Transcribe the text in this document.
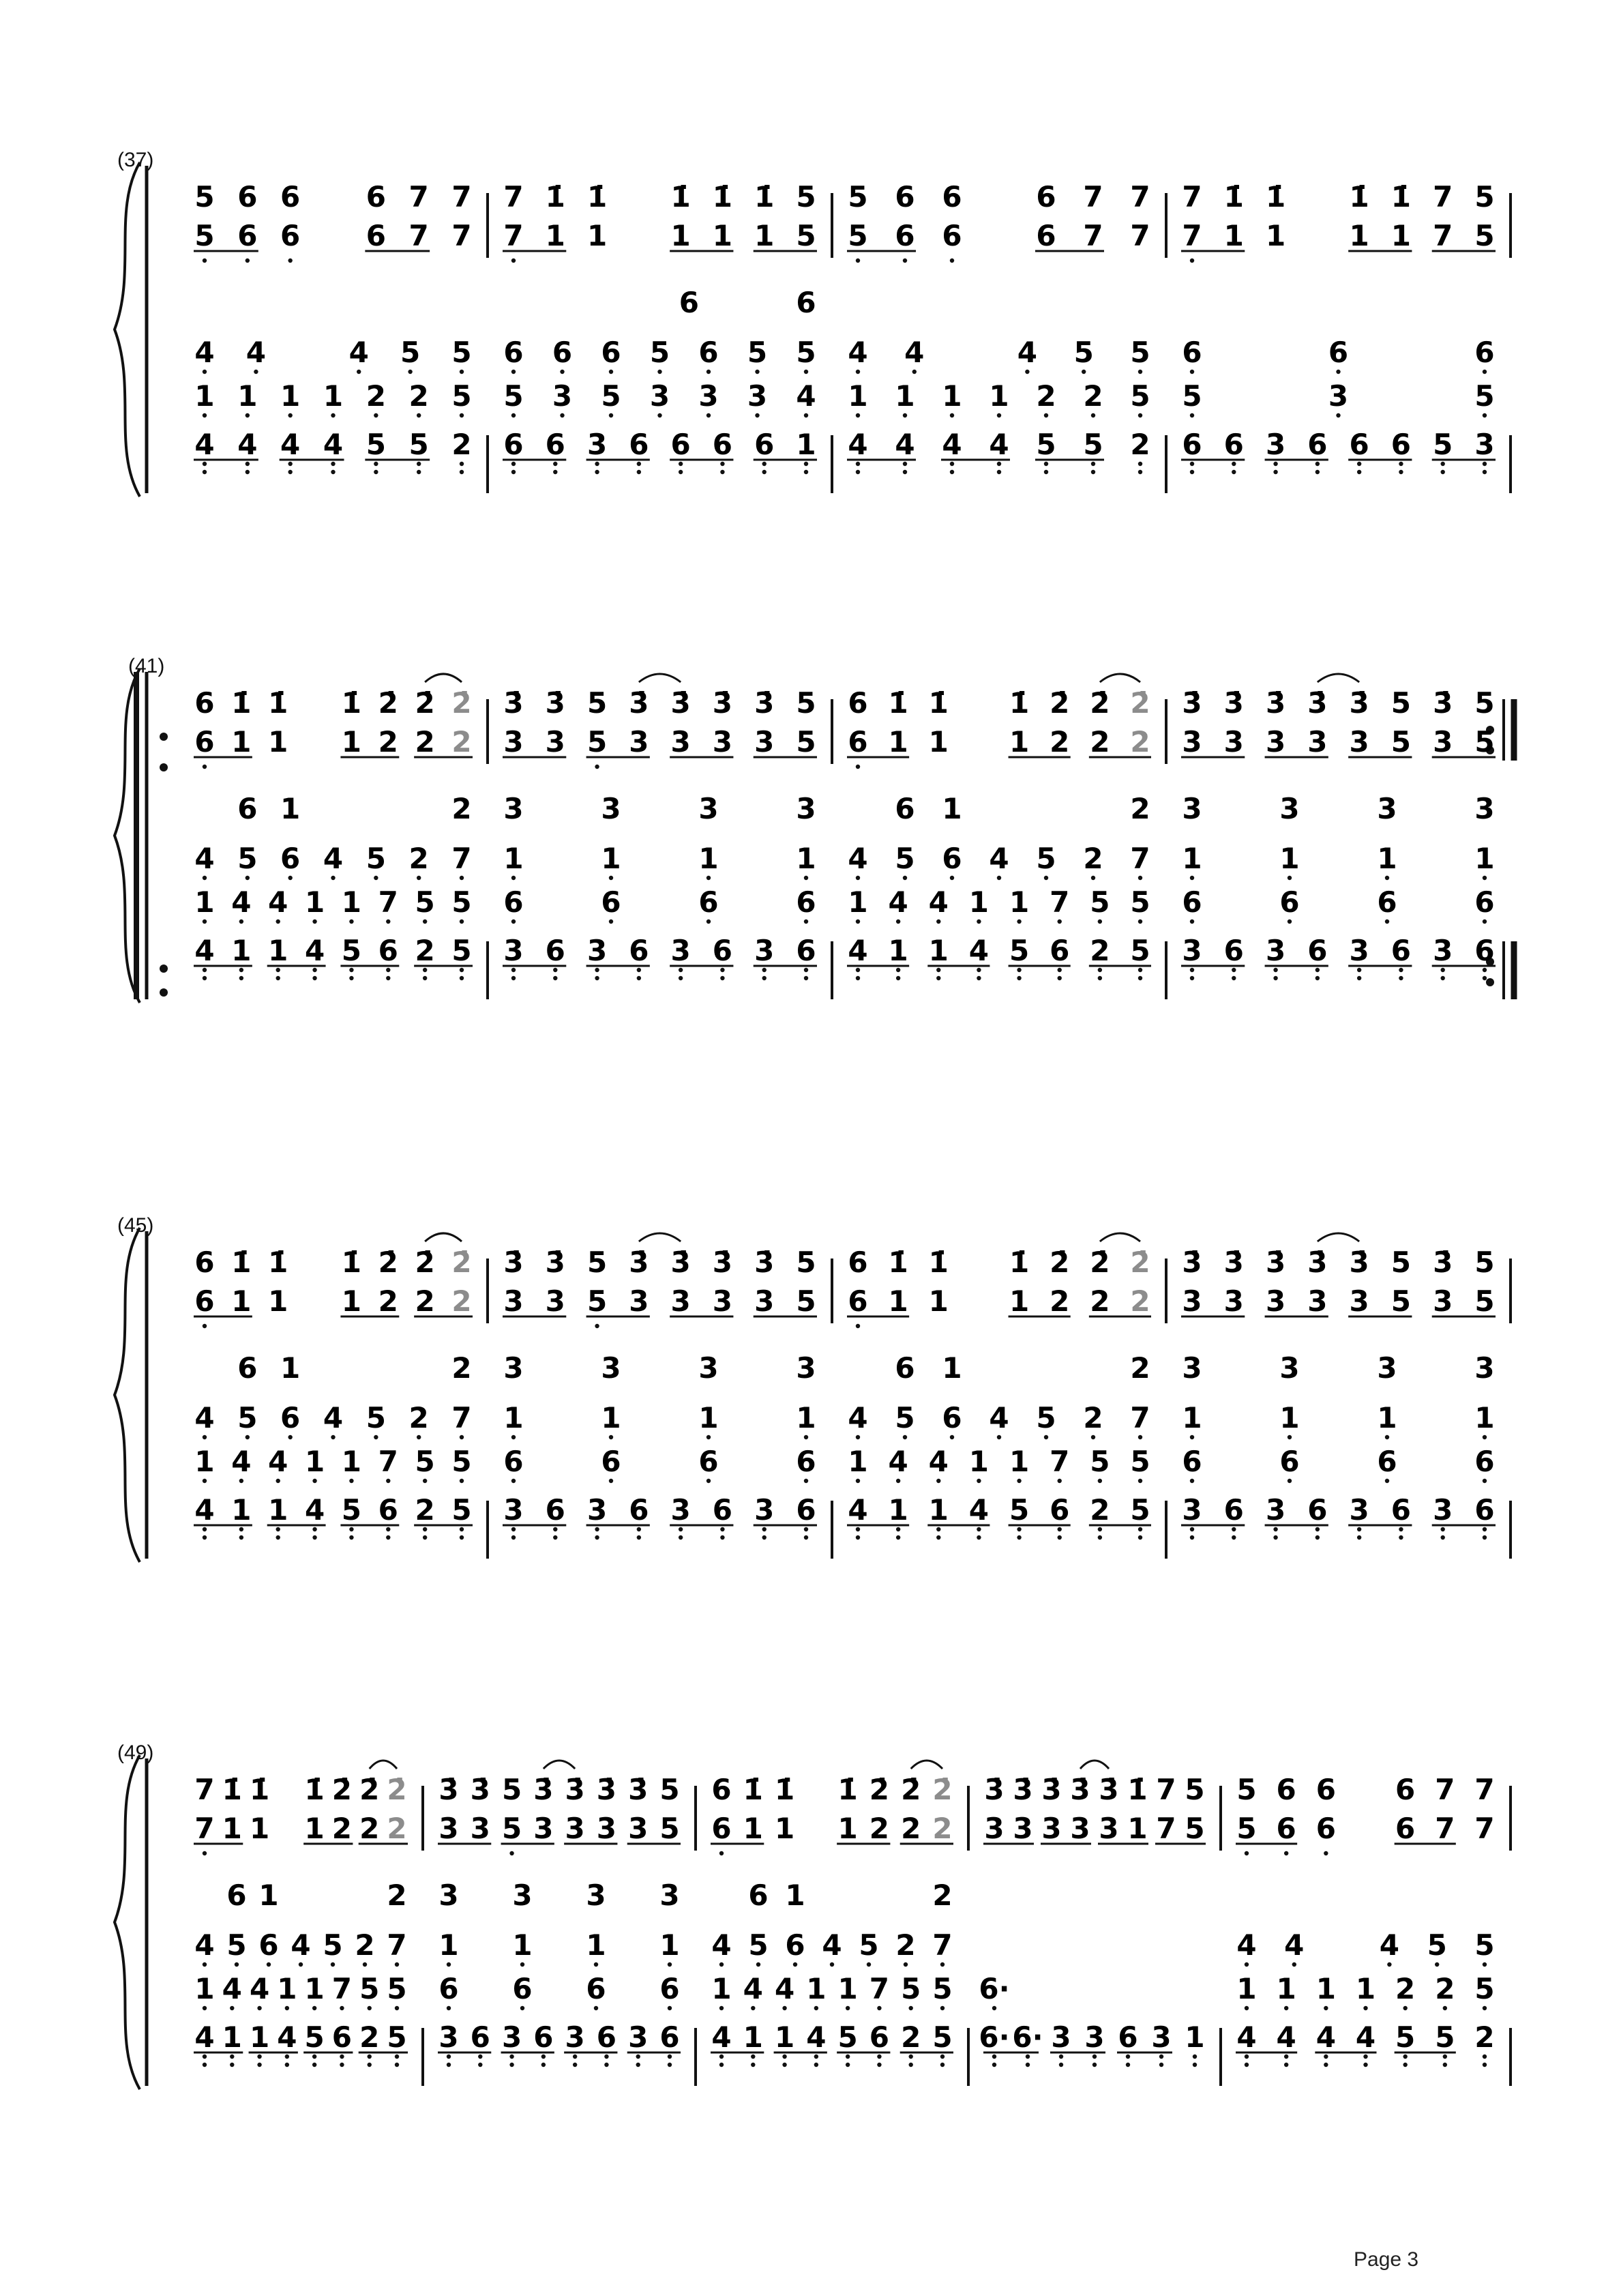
5 6 6 6 7 7 7 1̇ 1̇ 1̇ 1̇ 1̇ 5 5 6 6	6 7 7 7 1̇ 1̇ 1̇ 1̇ 7 5
5 6 6 6 7 7 7 1 1 1 1 1 5 5 6 6	6 7 7 7 1 1 1 1 7 5
6	6
4 4	4 5 5 6 6 6 5 6 5 5 4 4	4 5 5 6	6	6
1 1 1 1 2 2 5 5 3 5 3 3 3 4 1 1 1 1 2 2 5 5	3	5
4 4 4 4 5 5 2 6 6 3 6 6 6 6 1 4 4 4 4 5 5 2 6 6 3 6 6 6 5 3
6 1̇ 1̇ 1̇ 2̇ 2̇ 2̇ 3̇ 3̇ 5 3̇ 3̇ 3̇ 3̇ 5 6 1̇ 1̇ 1̇ 2̇ 2̇ 2̇ 3̇ 3̇ 3̇ 3̇ 3̇ 5 3̇ 5
6 1 1 1 2 2 2 3 3 5 3 3 3 3 5 6 1 1 1 2 2 2 3 3 3 3 3 5 3 5
6 1	2 3	3	3	3	6 1	2 3	3	3	3
4 5 6 4 5 2 7 1	1	1	1 4 5 6 4 5 2 7 1	1	1	1
1 4 4 1 1 7 5 5 6	6	6	6 1 4 4 1 1 7 5 5 6	6	6	6
4 1 1 4 5 6 2 5 3 6 3 6 3 6 3 6 4 1 1 4 5 6 2 5 3 6 3 6 3 6 3 6
6 1̇ 1̇ 1̇ 2̇ 2̇ 2̇ 3̇ 3̇ 5 3̇ 3̇ 3̇ 3̇ 5 6 1̇ 1̇ 1̇ 2̇ 2̇ 2̇ 3̇ 3̇ 3̇ 3̇ 3̇ 5 3̇ 5
6 1 1 1 2 2 2 3 3 5 3 3 3 3 5 6 1 1 1 2 2 2 3 3 3 3 3 5 3 5
6 1	2 3	3	3	3	6 1	2 3	3	3	3
4 5 6 4 5 2 7 1	1	1	1 4 5 6 4 5 2 7 1	1	1	1
1 4 4 1 1 7 5 5 6	6	6	6 1 4 4 1 1 7 5 5 6	6	6	6
4 1 1 4 5 6 2 5 3 6 3 6 3 6 3 6 4 1 1 4 5 6 2 5 3 6 3 6 3 6 3 6
7 1̇ 1̇ 1̇ 2̇ 2̇ 2̇ 3̇ 3̇ 5 3̇ 3̇ 3̇ 3̇ 5 6 1̇ 1̇ 1̇ 2̇ 2̇ 2̇ 3̇ 3̇ 3̇ 3̇ 3̇ 1̇ 7 5 5 6 6 6 7 7
7 1 1 1 2 2 2 3 3 5 3 3 3 3 5 6 1 1 1 2 2 2 3 3 3 3 3 1 7 5 5 6 6 6 7 7
6 1	2 3 3 3 3 6 1	2
4 5 6 4 5 2 7 1 1 1 1 4 5 6 4 5 2 7	4 4	4 5 5
1 4 4 1 1 7 5 5 6 6 6 6 1 4 4 1 1 7 5 5 6·	1 1 1 1 2 2 5
4 1 1 4 5 6 2 5 3 6 3 6 3 6 3 6 4 1 1 4 5 6 2 5 6· 6· 3 3 6 3 1 4 4 4 4 5 5 2
(37)
(41)
(45)
(49)
Page 3
